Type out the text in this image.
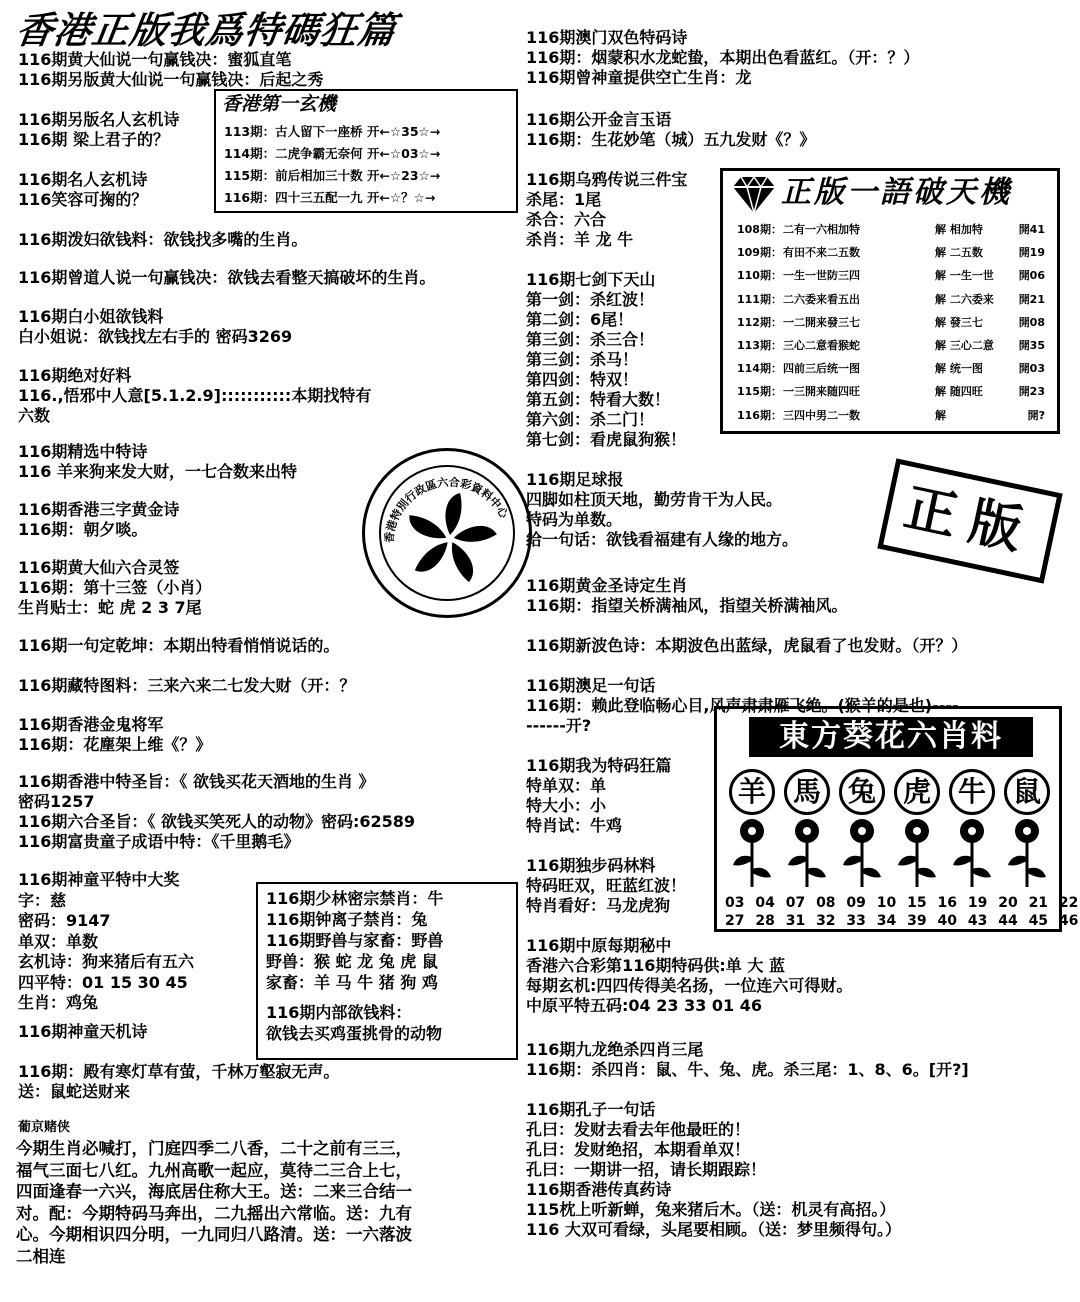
香港正版我爲特碼狂篇
香港第一玄機
113期：古人留下一座桥 开←☆35☆→
114期：二虎争霸无奈何 开←☆03☆→
115期：前后相加三十数 开←☆23☆→
116期：四十三五配一九 开←☆？☆→
香港特別行政區六合彩資料中心
116期少林密宗禁肖：牛
116期钟离子禁肖：兔
116期野兽与家畜：野兽
野兽：猴 蛇 龙 兔 虎 鼠
家畜：羊 马 牛 猪 狗 鸡
116期内部欲钱料：
欲钱去买鸡蛋挑骨的动物
正版一語破天機
108期：二有一六相加特	解 相加特	開41
109期：有田不来二五数	解 二五数	開19
110期：一生一世防三四	解 一生一世 開06
111期：二六委来看五出	解 二六委来 開21
112期：一二開来發三七	解 發三七	開08
113期：三心二意看猴蛇	解 三心二意 開35
114期：四前三后统一图	解 统一图	開03
115期：一三開来随四旺	解 随四旺	開23
116期：三四中男二一数	解	開?
正版
東方葵花六肖料
羊 馬 兔 虎 牛 鼠
03 04 07 08 09 10 15 16 19 20 21 22
27 28 31 32 33 34 39 40 43 44 45 46
116期黄大仙说一句赢钱决：蜜狐直笔
116期另版黄大仙说一句赢钱决：后起之秀
116期另版名人玄机诗
116期 梁上君子的？
116期名人玄机诗
116笑容可掬的？
116期泼妇欲钱料：欲钱找多嘴的生肖。
116期曾道人说一句赢钱决：欲钱去看整天搞破坏的生肖。
116期白小姐欲钱料
白小姐说：欲钱找左右手的 密码3269
116期绝对好料
116.,悟邪中人意[5.1.2.9]:::::::::::本期找特有
六数
116期精选中特诗
116 羊来狗来发大财，一七合数来出特
116期香港三字黄金诗
116期：朝夕啖。
116期黄大仙六合灵签
116期：第十三签（小肖）
生肖贴士：蛇 虎 2 3 7尾
116期一句定乾坤：本期出特看悄悄说话的。
116期藏特图料：三来六来二七发大财（开：？
116期香港金鬼将军
116期：花塵架上维《？》
116期香港中特圣旨：《 欲钱买花天酒地的生肖 》
密码1257
116期六合圣旨：《 欲钱买笑死人的动物》密码:62589
116期富贵童子成语中特：《千里鹅毛》
116期神童平特中大奖
字：慈
密码：9147
单双：单数
玄机诗：狗来猪后有五六
四平特：01 15 30 45
生肖：鸡兔
116期神童天机诗
116期：殿有寒灯草有萤，千林万壑寂无声。
送：鼠蛇送财来
葡京赌侠
今期生肖必喊打，门庭四季二八香，二十之前有三三，
福气三面七八红。九州高歌一起应，莫待二三合上七，
四面逢春一六兴，海底居住称大王。送：二来三合结一
对。配：今期特码马奔出，二九摇出六常临。送：九有
心。今期相识四分明，一九同归八路清。送：一六落波
二相连
116期澳门双色特码诗
116期：烟蒙积水龙蛇蛰，本期出色看蓝红。（开：？）
116期曾神童提供空亡生肖：龙
116期公开金言玉语
116期：生花妙笔（城）五九发财《？》
116期乌鸦传说三件宝
杀尾：1尾
杀合：六合
杀肖：羊 龙 牛
116期七剑下天山
第一剑：杀红波！
第二剑：6尾！
第三剑：杀三合！
第三剑：杀马！
第四剑：特双！
第五剑：特看大数！
第六剑：杀二门！
第七剑：看虎鼠狗猴！
116期足球报
四脚如柱顶天地，勤劳肯干为人民。
特码为单数。
给一句话：欲钱看福建有人缘的地方。
116期黄金圣诗定生肖
116期：指望关桥满袖风，指望关桥满袖风。
116期新波色诗：本期波色出蓝绿，虎鼠看了也发财。（开？）
116期澳足一句话
116期：赖此登临畅心目,风声肃肃雁飞绝。(猴羊的是也)----
------开?
116期我为特码狂篇
特单双：单
特大小：小
特肖试：牛鸡
116期独步码林料
特码旺双，旺蓝红波！
特肖看好：马龙虎狗
116期中原每期秘中
香港六合彩第116期特码供:单 大 蓝
每期玄机:四四传得美名扬，一位连六可得财。
中原平特五码:04 23 33 01 46
116期九龙绝杀四肖三尾
116期：杀四肖：鼠、牛、兔、虎。杀三尾：1、8、6。[开?]
116期孔子一句话
孔曰：发财去看去年他最旺的！
孔曰：发财绝招，本期看单双！
孔曰：一期讲一招，请长期跟踪！
116期香港传真药诗
115枕上听新蝉，兔来猪后木。（送：机灵有高招。）
116 大双可看绿，头尾要相顾。（送：梦里频得句。）
